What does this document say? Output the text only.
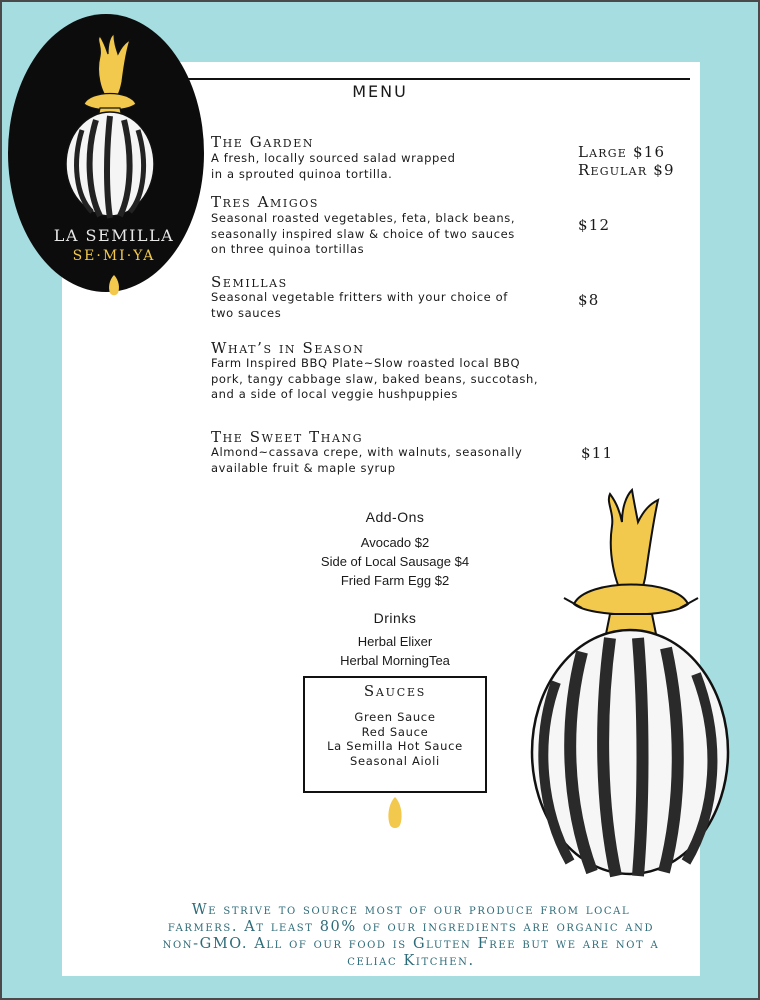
LA SEMILLA
SE·MI·YA
MENU
The Garden
A fresh, locally sourced salad wrapped
in a sprouted quinoa tortilla.
Large $16
Regular $9
Tres Amigos
Seasonal roasted vegetables, feta, black beans,
seasonally inspired slaw & choice of two sauces
on three quinoa tortillas
$12
Semillas
Seasonal vegetable fritters with your choice of
two sauces
$8
What’s in Season
Farm Inspired BBQ Plate~Slow roasted local BBQ
pork, tangy cabbage slaw, baked beans, succotash,
and a side of local veggie hushpuppies
The Sweet Thang
Almond~cassava crepe, with walnuts, seasonally
available fruit & maple syrup
$11
Add-Ons
Avocado $2
Side of Local Sausage $4
Fried Farm Egg $2
Drinks
Herbal Elixer
Herbal MorningTea
Sauces
Green Sauce
Red Sauce
La Semilla Hot Sauce
Seasonal Aioli
We strive to source most of our produce from local
farmers. At least 80% of our ingredients are organic and
non-GMO. All of our food is Gluten Free but we are not a
celiac Kitchen.
